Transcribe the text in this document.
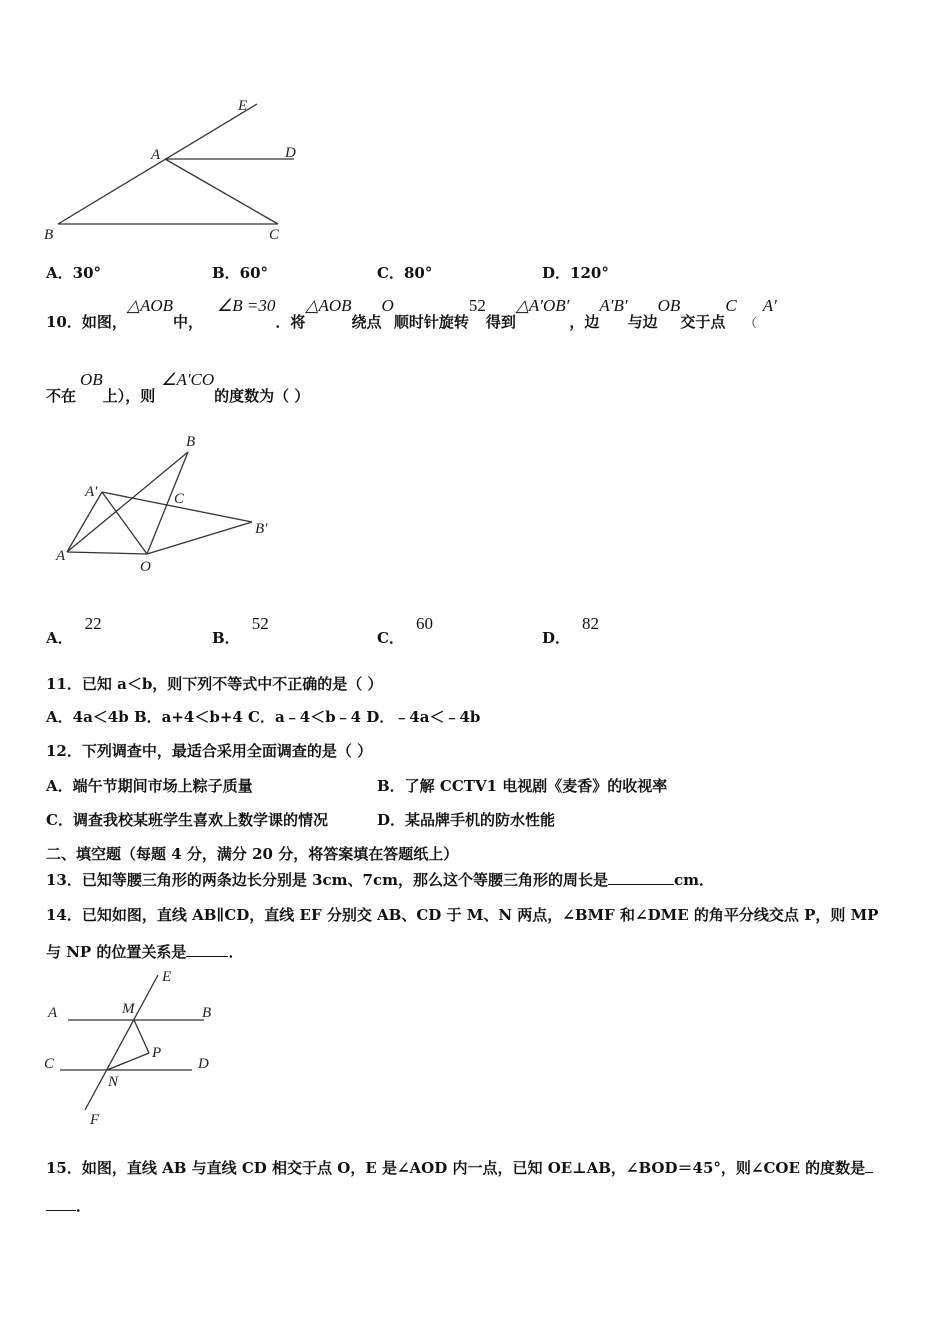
E
A	D
B	C
A．30°	B．60°	C．80°	D．120°
10．如图，△AOB中，∠B =30．将△AOB绕点O顺时针旋转52得到△A′OB′，边A′B′与边OB交于点$C_(A'$
不在OB上），则∠A′CO的度数为（ ）
B
A′	C
B′
A
O
A．22
B．52
C．60
D．82
11．已知 a＜b，则下列不等式中不正确的是（ ）
A．4a＜4b B．a+4＜b+4 C．a﹣4＜b﹣4 D．﹣4a＜﹣4b
12．下列调查中，最适合采用全面调查的是（ ）
A．端午节期间市场上粽子质量	B．了解 CCTV1 电视剧《麦香》的收视率
C．调查我校某班学生喜欢上数学课的情况	D．某品牌手机的防水性能
二、填空题（每题 4 分，满分 20 分，将答案填在答题纸上）
13．已知等腰三角形的两条边长分别是 3cm、7cm，那么这个等腰三角形的周长是	cm．
14．已知如图，直线 AB∥CD，直线 EF 分别交 AB、CD 于 M、N 两点，∠BMF 和∠DME 的角平分线交点 P，则 MP
与 NP 的位置关系是	．
E
A	M	B
C
P
N
D
F
15．如图，直线 AB 与直线 CD 相交于点 O，E 是∠AOD 内一点，已知 OE⊥AB，∠BOD＝45°，则∠COE 的度数是
．
